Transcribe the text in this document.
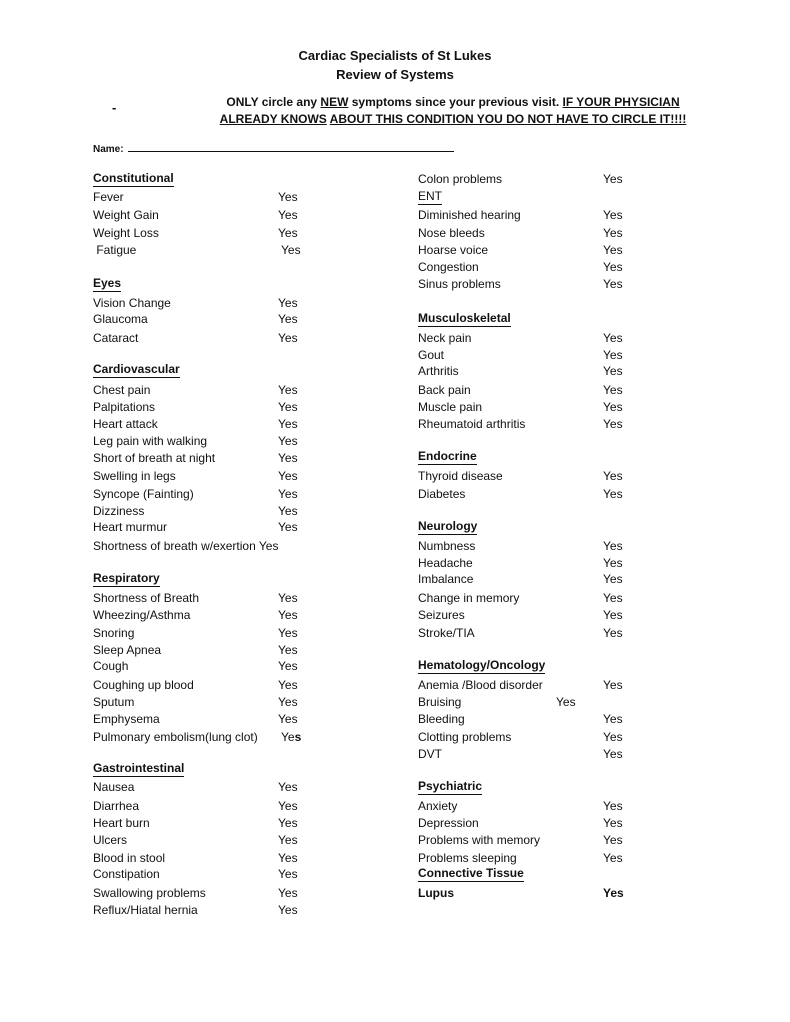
Cardiac Specialists of St Lukes
Review of Systems
-	ONLY circle any NEW symptoms since your previous visit. IF YOUR PHYSICIAN
ALREADY KNOWS ABOUT THIS CONDITION YOU DO NOT HAVE TO CIRCLE IT!!!!
Name:
Constitutional
Fever	Yes
Weight Gain	Yes
Weight Loss	Yes
Fatigue	Yes
Eyes
Vision Change	Yes
Glaucoma	Yes
Cataract	Yes
Cardiovascular
Chest pain	Yes
Palpitations	Yes
Heart attack	Yes
Leg pain with walking	Yes
Short of breath at night	Yes
Swelling in legs	Yes
Syncope (Fainting)	Yes
Dizziness	Yes
Heart murmur	Yes
Shortness of breath w/exertion Yes
Respiratory
Shortness of Breath	Yes
Wheezing/Asthma	Yes
Snoring	Yes
Sleep Apnea	Yes
Cough	Yes
Coughing up blood	Yes
Sputum	Yes
Emphysema	Yes
Pulmonary embolism(lung clot) Yes
Gastrointestinal
Nausea	Yes
Diarrhea	Yes
Heart burn	Yes
Ulcers	Yes
Blood in stool	Yes
Constipation	Yes
Swallowing problems	Yes
Reflux/Hiatal hernia	Yes
Colon problems	Yes
ENT
Diminished hearing	Yes
Nose bleeds	Yes
Hoarse voice	Yes
Congestion	Yes
Sinus problems	Yes
Musculoskeletal
Neck pain	Yes
Gout	Yes
Arthritis	Yes
Back pain	Yes
Muscle pain	Yes
Rheumatoid arthritis	Yes
Endocrine
Thyroid disease	Yes
Diabetes	Yes
Neurology
Numbness	Yes
Headache	Yes
Imbalance	Yes
Change in memory	Yes
Seizures	Yes
Stroke/TIA	Yes
Hematology/Oncology
Anemia /Blood disorder	Yes
Bruising	Yes
Bleeding	Yes
Clotting problems	Yes
DVT	Yes
Psychiatric
Anxiety	Yes
Depression	Yes
Problems with memory	Yes
Problems sleeping	Yes
Connective Tissue
Lupus	Yes
